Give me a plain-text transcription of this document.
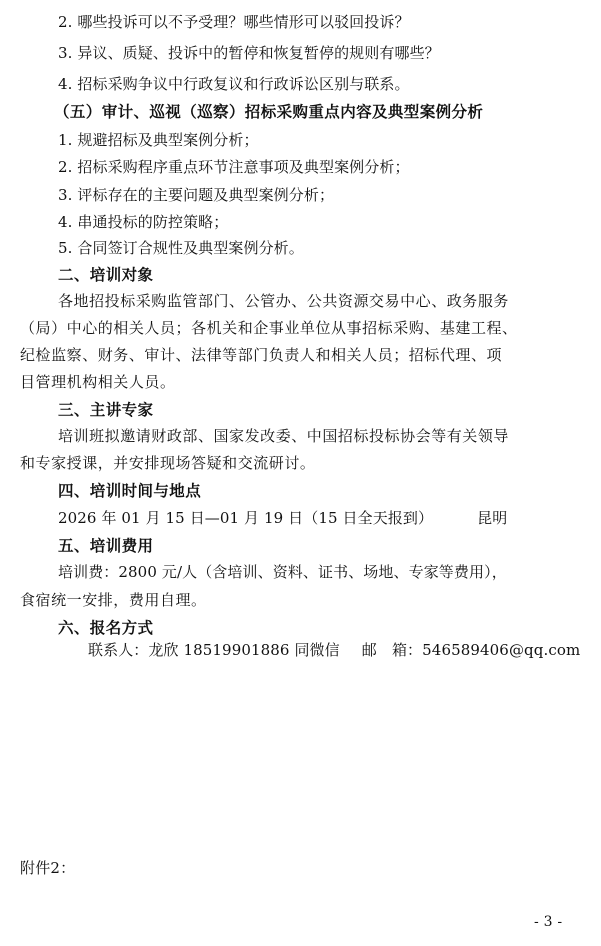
2. 哪些投诉可以不予受理？哪些情形可以驳回投诉？
3. 异议、质疑、投诉中的暂停和恢复暂停的规则有哪些？
4. 招标采购争议中行政复议和行政诉讼区别与联系。
（五）审计、巡视（巡察）招标采购重点内容及典型案例分析
1. 规避招标及典型案例分析；
2. 招标采购程序重点环节注意事项及典型案例分析；
3. 评标存在的主要问题及典型案例分析；
4. 串通投标的防控策略；
5. 合同签订合规性及典型案例分析。
二、培训对象
各地招投标采购监管部门、公管办、公共资源交易中心、政务服务
（局）中心的相关人员；各机关和企事业单位从事招标采购、基建工程、
纪检监察、财务、审计、法律等部门负责人和相关人员；招标代理、项
目管理机构相关人员。
三、主讲专家
培训班拟邀请财政部、国家发改委、中国招标投标协会等有关领导
和专家授课，并安排现场答疑和交流研讨。
四、培训时间与地点
2026 年 01 月 15 日—01 月 19 日（15 日全天报到）	昆明
五、培训费用
培训费：2800 元/人（含培训、资料、证书、场地、专家等费用），
食宿统一安排，费用自理。
六、报名方式
联系人：龙欣 18519901886 同微信 邮　箱：546589406@qq.com
附件2：
- 3 -
